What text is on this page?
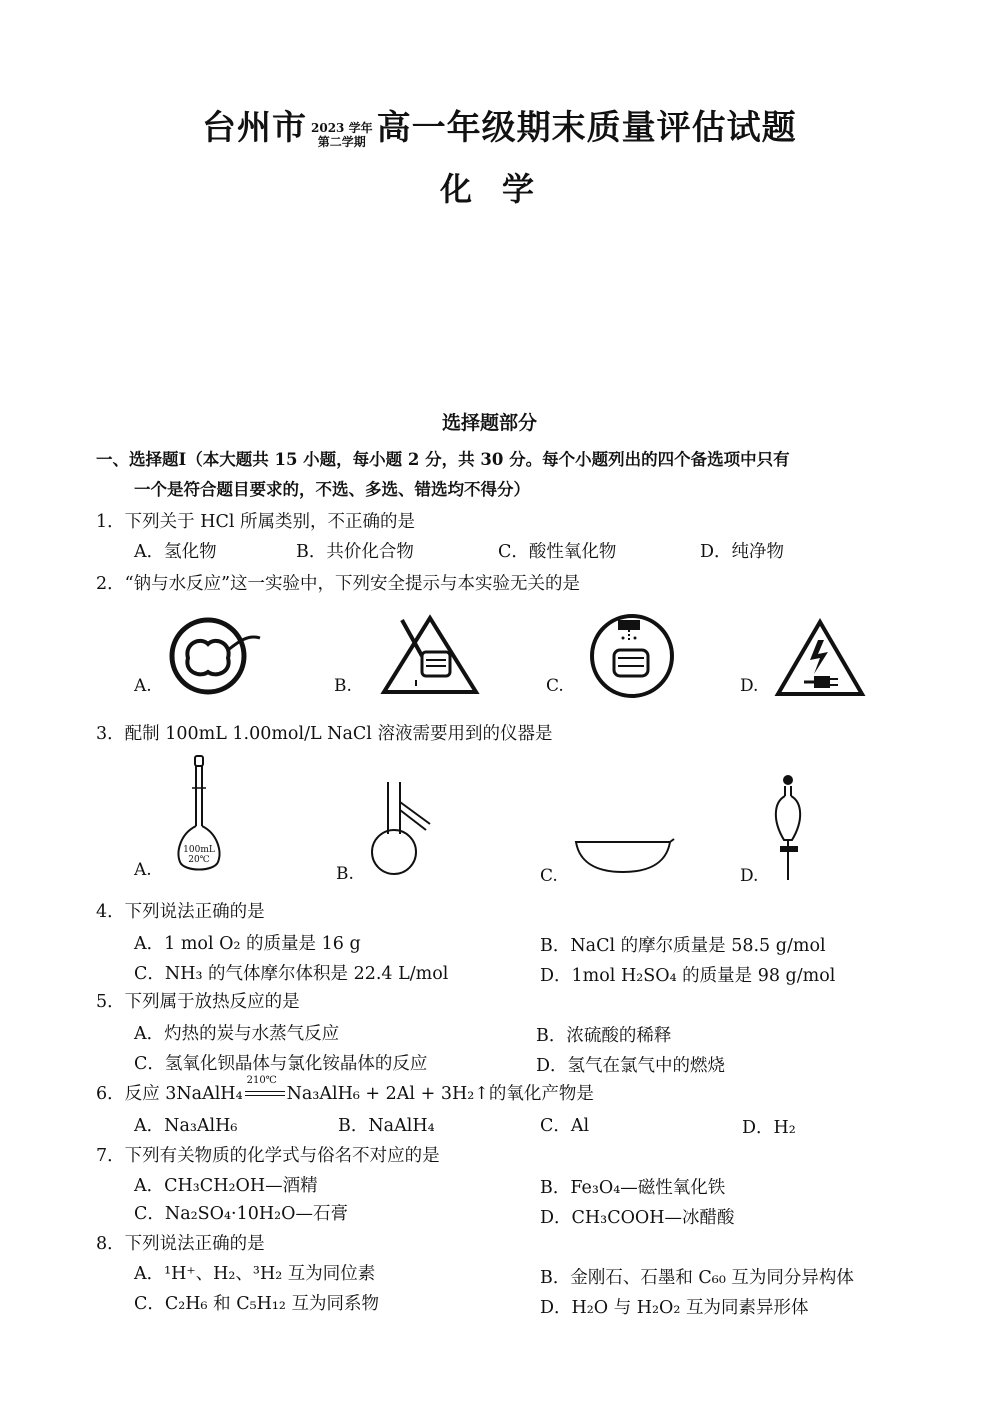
台州市 2023 学年
第二学期 高一年级期末质量评估试题
化学
选择题部分
一、选择题I（本大题共 15 小题，每小题 2 分，共 30 分。每个小题列出的四个备选项中只有
一个是符合题目要求的，不选、多选、错选均不得分）
1．下列关于 HCl 所属类别，不正确的是
A．氢化物	B．共价化合物	C．酸性氧化物	D．纯净物
2．“钠与水反应”这一实验中，下列安全提示与本实验无关的是
A.	B.	C.	D.
3．配制 100mL 1.00mol/L NaCl 溶液需要用到的仪器是
A.	B.	C.	D.
100mL
20℃
4．下列说法正确的是
A．1 mol O₂ 的质量是 16 g	B．NaCl 的摩尔质量是 58.5 g/mol
C．NH₃ 的气体摩尔体积是 22.4 L/mol	D．1mol H₂SO₄ 的质量是 98 g/mol
5．下列属于放热反应的是
A．灼热的炭与水蒸气反应	B．浓硫酸的稀释
C．氢氧化钡晶体与氯化铵晶体的反应	D．氢气在氯气中的燃烧
6．反应 3NaAlH₄
210℃
Na₃AlH₆ + 2Al + 3H₂↑的氧化产物是
A．Na₃AlH₆	B．NaAlH₄	C．Al	D．H₂
7．下列有关物质的化学式与俗名不对应的是
A．CH₃CH₂OH—酒精	B．Fe₃O₄—磁性氧化铁
C．Na₂SO₄·10H₂O—石膏	D．CH₃COOH—冰醋酸
8．下列说法正确的是
A．¹H⁺、H₂、³H₂ 互为同位素	B．金刚石、石墨和 C₆₀ 互为同分异构体
C．C₂H₆ 和 C₅H₁₂ 互为同系物	D．H₂O 与 H₂O₂ 互为同素异形体
